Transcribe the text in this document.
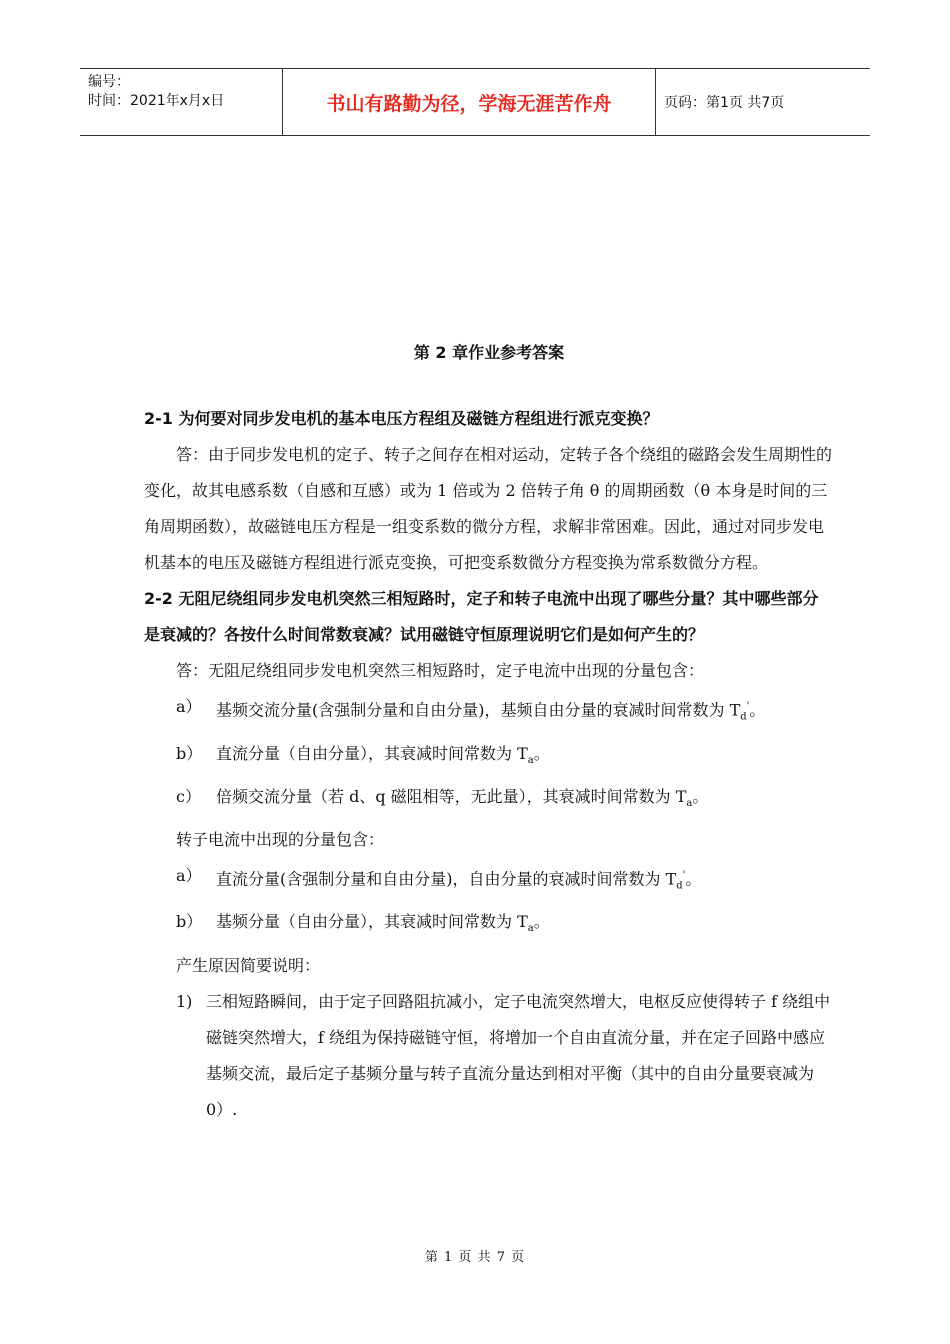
编号：
时间：2021年x月x日	书山有路勤为径，学海无涯苦作舟	页码：第1页 共7页
第 2 章作业参考答案

2-1 为何要对同步发电机的基本电压方程组及磁链方程组进行派克变换？

答：由于同步发电机的定子、转子之间存在相对运动，定转子各个绕组的磁路会发生周期性的变化，故其电感系数（自感和互感）或为 1 倍或为 2 倍转子角 θ 的周期函数（θ 本身是时间的三角周期函数），故磁链电压方程是一组变系数的微分方程，求解非常困难。因此，通过对同步发电机基本的电压及磁链方程组进行派克变换，可把变系数微分方程变换为常系数微分方程。

2-2 无阻尼绕组同步发电机突然三相短路时，定子和转子电流中出现了哪些分量？其中哪些部分是衰减的？各按什么时间常数衰减？试用磁链守恒原理说明它们是如何产生的？

答：无阻尼绕组同步发电机突然三相短路时，定子电流中出现的分量包含：

a） 基频交流分量(含强制分量和自由分量)，基频自由分量的衰减时间常数为 $T_d'$。
b） 直流分量（自由分量），其衰减时间常数为 $T_a$。
c） 倍频交流分量（若 d、q 磁阻相等，无此量），其衰减时间常数为 $T_a$。

转子电流中出现的分量包含：

a） 直流分量(含强制分量和自由分量)，自由分量的衰减时间常数为 $T_d'$。
b） 基频分量（自由分量），其衰减时间常数为 $T_a$。

产生原因简要说明：

1) 三相短路瞬间，由于定子回路阻抗减小，定子电流突然增大，电枢反应使得转子 f 绕组中磁链突然增大，f 绕组为保持磁链守恒，将增加一个自由直流分量，并在定子回路中感应基频交流，最后定子基频分量与转子直流分量达到相对平衡（其中的自由分量要衰减为 0）.
第 1 页 共 7 页
